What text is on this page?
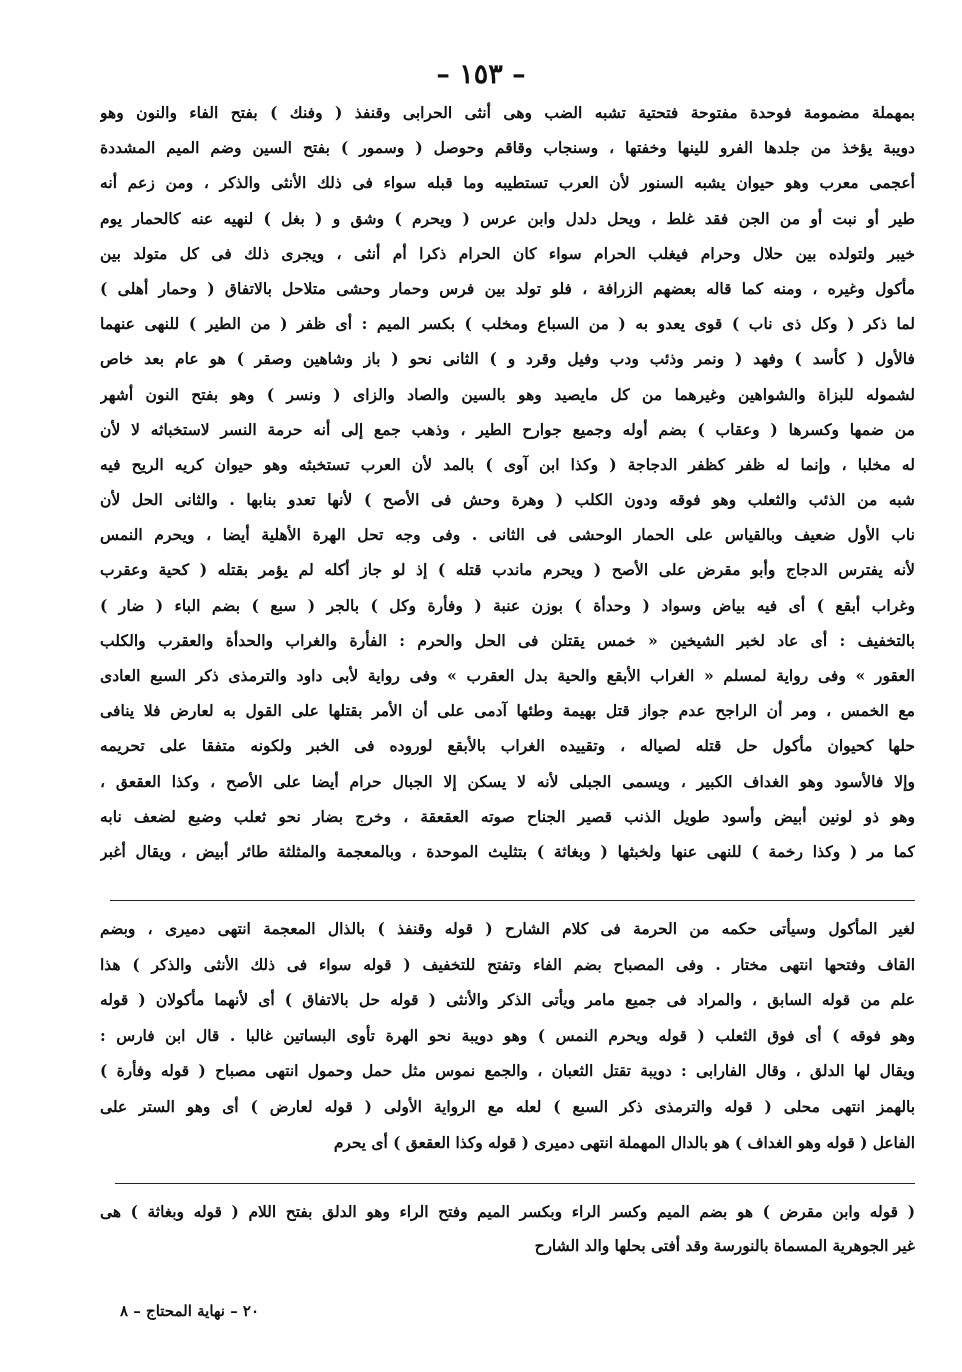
– ١٥٣ –
بمهملة مضمومة فوحدة مفتوحة فتحتية تشبه الضب وهى أنثى الحرابى وقنفذ ( وفنك ) بفتح الفاء والنون وهو
دويبة يؤخذ من جلدها الفرو للينها وخفتها ، وسنجاب وقاقم وحوصل ( وسمور ) بفتح السين وضم الميم المشددة
أعجمى معرب وهو حيوان يشبه السنور لأن العرب تستطيبه وما قبله سواء فى ذلك الأنثى والذكر ، ومن زعم أنه
طير أو نبت أو من الجن فقد غلط ، ويحل دلدل وابن عرس ( ويحرم ) وشق و ( بغل ) لنهيه عنه كالحمار يوم
خيبر ولتولده بين حلال وحرام فيغلب الحرام سواء كان الحرام ذكرا أم أنثى ، ويجرى ذلك فى كل متولد بين
مأكول وغيره ، ومنه كما قاله بعضهم الزرافة ، فلو تولد بين فرس وحمار وحشى متلاحل بالاتفاق ( وحمار أهلى )
لما ذكر ( وكل ذى ناب ) قوى يعدو به ( من السباع ومخلب ) بكسر الميم : أى ظفر ( من الطير ) للنهى عنهما
فالأول ( كأسد ) وفهد ( ونمر وذئب ودب وفيل وقرد و ) الثانى نحو ( باز وشاهين وصقر ) هو عام بعد خاص
لشموله للبزاة والشواهين وغيرهما من كل مايصيد وهو بالسين والصاد والزاى ( ونسر ) وهو بفتح النون أشهر
من ضمها وكسرها ( وعقاب ) بضم أوله وجميع جوارح الطير ، وذهب جمع إلى أنه حرمة النسر لاستخباثه لا لأن
له مخلبا ، وإنما له ظفر كظفر الدجاجة ( وكذا ابن آوى ) بالمد لأن العرب تستخبثه وهو حيوان كريه الريح فيه
شبه من الذئب والثعلب وهو فوقه ودون الكلب ( وهرة وحش فى الأصح ) لأنها تعدو بنابها . والثانى الحل لأن
ناب الأول ضعيف وبالقياس على الحمار الوحشى فى الثانى . وفى وجه تحل الهرة الأهلية أيضا ، ويحرم النمس
لأنه يفترس الدجاج وأبو مقرض على الأصح ( ويحرم ماندب قتله ) إذ لو جاز أكله لم يؤمر بقتله ( كحية وعقرب
وغراب أبقع ) أى فيه بياض وسواد ( وحدأة ) بوزن عنبة ( وفأرة وكل ) بالجر ( سبع ) بضم الباء ( ضار )
بالتخفيف : أى عاد لخبر الشيخين « خمس يقتلن فى الحل والحرم : الفأرة والغراب والحدأة والعقرب والكلب
العقور » وفى رواية لمسلم « الغراب الأبقع والحية بدل العقرب » وفى رواية لأبى داود والترمذى ذكر السبع العادى
مع الخمس ، ومر أن الراجح عدم جواز قتل بهيمة وطئها آدمى على أن الأمر بقتلها على القول به لعارض فلا ينافى
حلها كحيوان مأكول حل قتله لصياله ، وتقييده الغراب بالأبقع لوروده فى الخبر ولكونه متفقا على تحريمه
وإلا فالأسود وهو الغداف الكبير ، ويسمى الجبلى لأنه لا يسكن إلا الجبال حرام أيضا على الأصح ، وكذا العقعق ،
وهو ذو لونين أبيض وأسود طويل الذنب قصير الجناح صوته العقعقة ، وخرج بضار نحو ثعلب وضبع لضعف نابه
كما مر ( وكذا رخمة ) للنهى عنها ولخبثها ( وبغاثة ) بتثليث الموحدة ، وبالمعجمة والمثلثة طائر أبيض ، ويقال أغبر
لغير المأكول وسيأتى حكمه من الحرمة فى كلام الشارح ( قوله وقنفذ ) بالذال المعجمة انتهى دميرى ، وبضم
القاف وفتحها انتهى مختار . وفى المصباح بضم الفاء وتفتح للتخفيف ( قوله سواء فى ذلك الأنثى والذكر ) هذا
علم من قوله السابق ، والمراد فى جميع مامر ويأتى الذكر والأنثى ( قوله حل بالاتفاق ) أى لأنهما مأكولان ( قوله
وهو فوقه ) أى فوق الثعلب ( قوله ويحرم النمس ) وهو دويبة نحو الهرة تأوى البساتين غالبا . قال ابن فارس :
ويقال لها الدلق ، وقال الفارابى : دويبة تقتل الثعبان ، والجمع نموس مثل حمل وحمول انتهى مصباح ( قوله وفأرة )
بالهمز انتهى محلى ( قوله والترمذى ذكر السبع ) لعله مع الرواية الأولى ( قوله لعارض ) أى وهو الستر على
الفاعل ( قوله وهو الغداف ) هو بالدال المهملة انتهى دميرى ( قوله وكذا العقعق ) أى يحرم
( قوله وابن مقرض ) هو بضم الميم وكسر الراء وبكسر الميم وفتح الراء وهو الدلق بفتح اللام ( قوله وبغاثة ) هى
غير الجوهرية المسماة بالنورسة وقد أفتى بحلها والد الشارح
٢٠ – نهاية المحتاج – ٨
